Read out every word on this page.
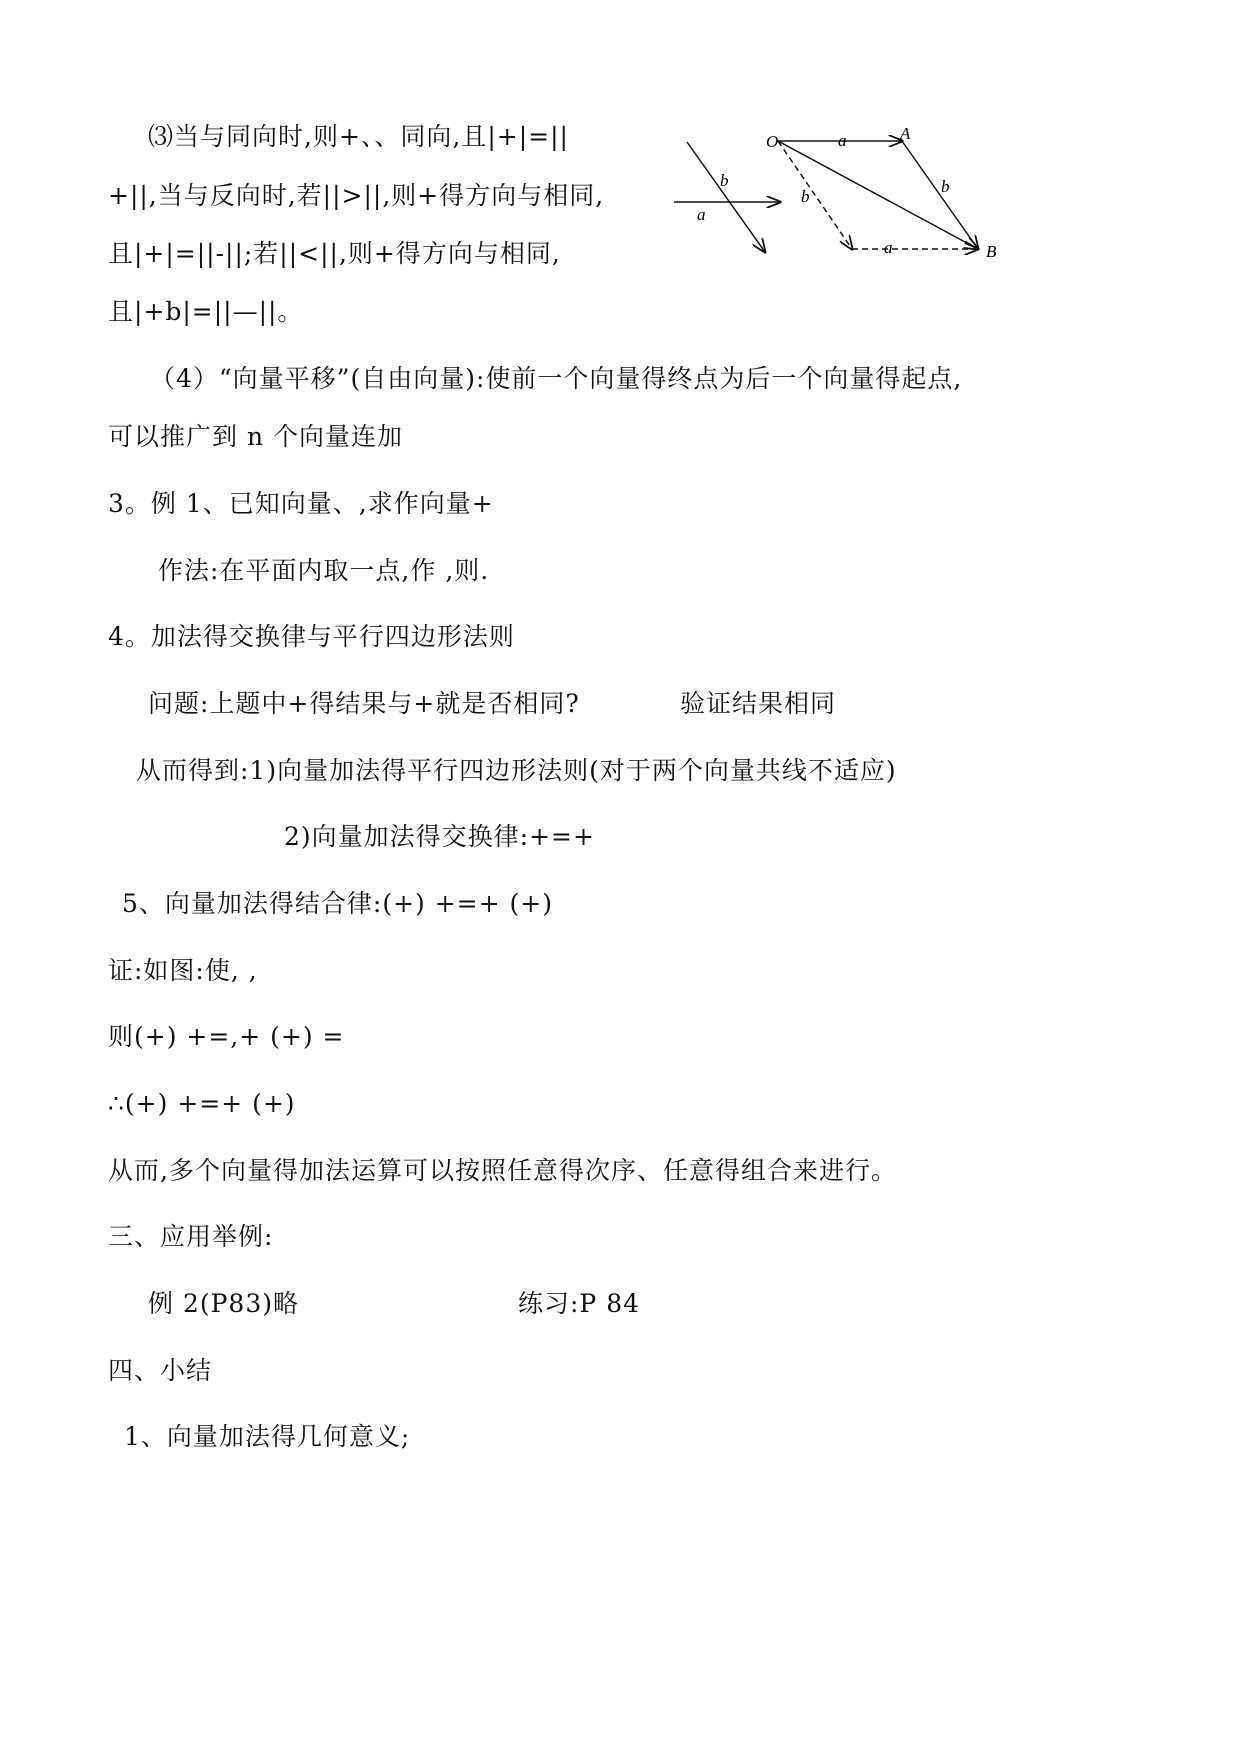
⑶当与同向时,则+、、同向,且|+|=||
+||,当与反向时,若||>||,则+得方向与相同,
且|+|=||-||;若||<||,则+得方向与相同,
且|+b|=||—||。
（4）“向量平移”(自由向量):使前一个向量得终点为后一个向量得起点,
可以推广到 n 个向量连加
3。例 1、已知向量、,求作向量+
作法:在平面内取一点,作 ,则.
4。加法得交换律与平行四边形法则
问题:上题中+得结果与+就是否相同?	验证结果相同
从而得到:1)向量加法得平行四边形法则(对于两个向量共线不适应)
2)向量加法得交换律:+=+
5、向量加法得结合律:(+) +=+ (+)
证:如图:使, ,
则(+) +=,+ (+) =
∴(+) +=+ (+)
从而,多个向量得加法运算可以按照任意得次序、任意得组合来进行。
三、应用举例:
例 2(P83)略	练习:P 84
四、小结
1、向量加法得几何意义;
b
a
O	A
B
a
b
b
a
